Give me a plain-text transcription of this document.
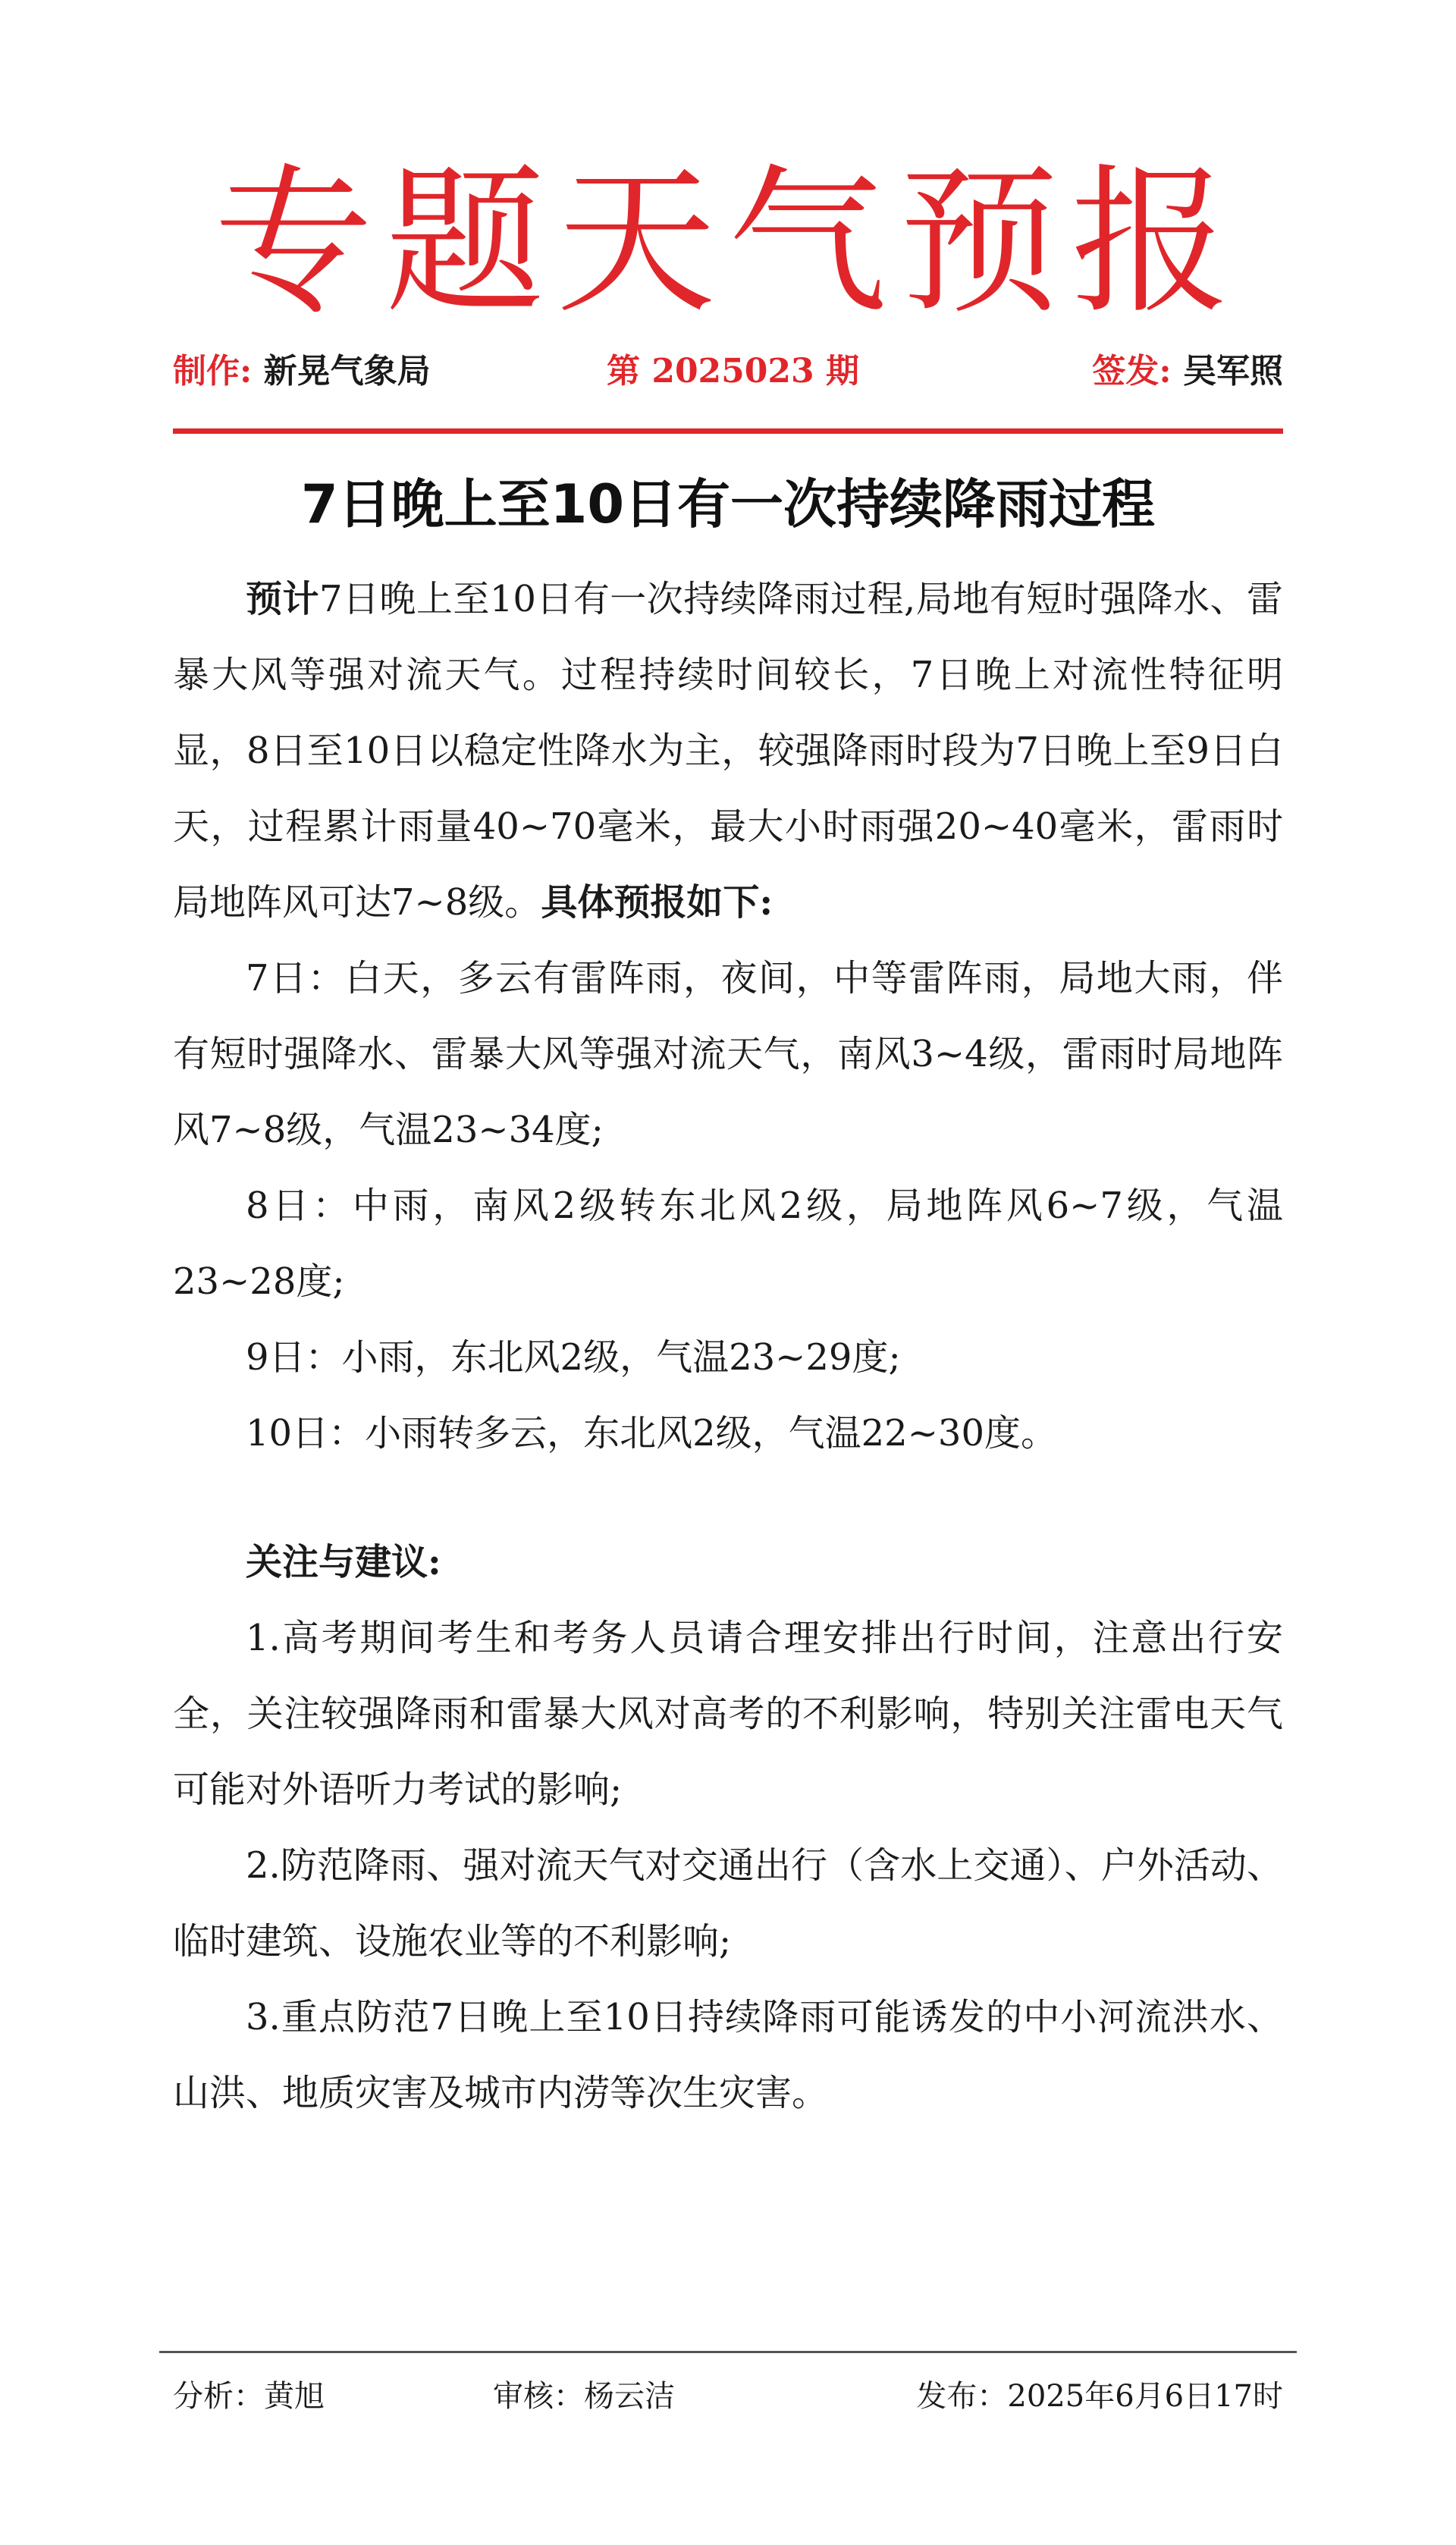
专题天气预报
制作: 新晃气象局	第 2025023 期	签发: 吴军照
7日晚上至10日有一次持续降雨过程

预计7日晚上至10日有一次持续降雨过程,局地有短时强降水、雷暴大风等强对流天气。过程持续时间较长，7日晚上对流性特征明显，8日至10日以稳定性降水为主，较强降雨时段为7日晚上至9日白天，过程累计雨量40~70毫米，最大小时雨强20~40毫米，雷雨时局地阵风可达7~8级。具体预报如下:

7日：白天，多云有雷阵雨，夜间，中等雷阵雨，局地大雨，伴有短时强降水、雷暴大风等强对流天气，南风3~4级，雷雨时局地阵风7~8级，气温23~34度;

8日：中雨，南风2级转东北风2级，局地阵风6~7级，气温23~28度;

9日：小雨，东北风2级，气温23~29度;

10日：小雨转多云，东北风2级，气温22~30度。

关注与建议:

1.高考期间考生和考务人员请合理安排出行时间，注意出行安全，关注较强降雨和雷暴大风对高考的不利影响，特别关注雷电天气可能对外语听力考试的影响;

2.防范降雨、强对流天气对交通出行（含水上交通）、户外活动、临时建筑、设施农业等的不利影响;

3.重点防范7日晚上至10日持续降雨可能诱发的中小河流洪水、山洪、地质灾害及城市内涝等次生灾害。

分析：黄旭	审核：杨云洁	发布：2025年6月6日17时
